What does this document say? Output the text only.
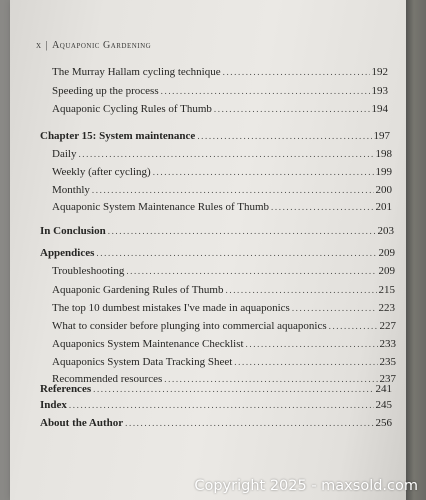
x | Aquaponic Gardening
The Murray Hallam cycling technique .....	192
Speeding up the process .....	193
Aquaponic Cycling Rules of Thumb .....	194
Chapter 15: System maintenance .....	197
Daily .....	198
Weekly (after cycling) .....	199
Monthly .....	200
Aquaponic System Maintenance Rules of Thumb .....	201
In Conclusion .....	203
Appendices .....	209
Troubleshooting .....	209
Aquaponic Gardening Rules of Thumb .....	215
The top 10 dumbest mistakes I've made in aquaponics .....	223
What to consider before plunging into commercial aquaponics .....	227
Aquaponics System Maintenance Checklist .....	233
Aquaponics System Data Tracking Sheet .....	235
Recommended resources .....	237
References .....	241
Index .....	245
About the Author .....	256
Copyright 2025 - maxsold.com
